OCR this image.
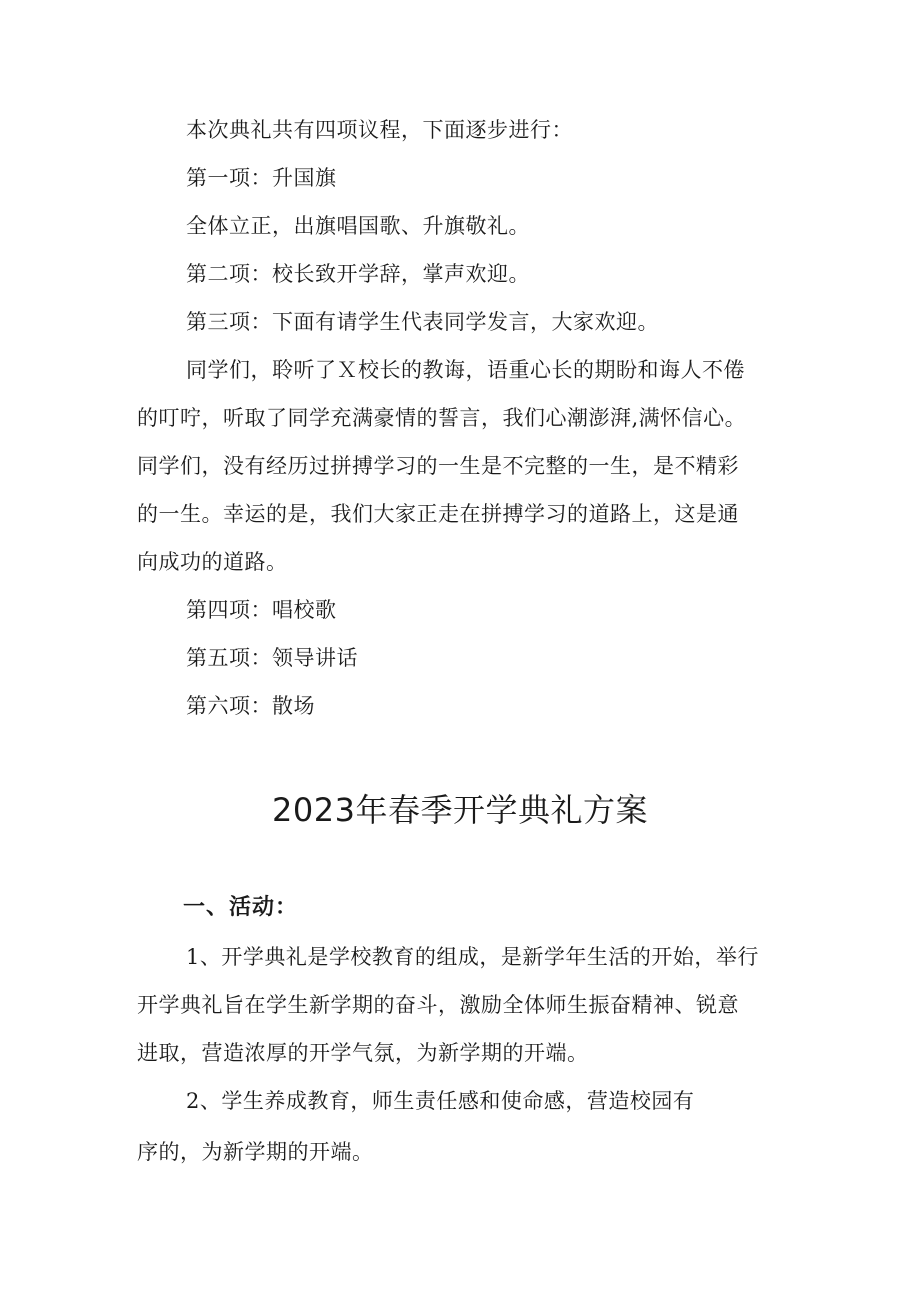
本次典礼共有四项议程，下面逐步进行：
第一项：升国旗
全体立正，出旗唱国歌、升旗敬礼。
第二项：校长致开学辞，掌声欢迎。
第三项：下面有请学生代表同学发言，大家欢迎。
同学们，聆听了Ｘ校长的教诲，语重心长的期盼和诲人不倦
的叮咛，听取了同学充满豪情的誓言，我们心潮澎湃,满怀信心。
同学们，没有经历过拼搏学习的一生是不完整的一生，是不精彩
的一生。幸运的是，我们大家正走在拼搏学习的道路上，这是通
向成功的道路。
第四项：唱校歌
第五项：领导讲话
第六项：散场
2023年春季开学典礼方案
一、活动：
1、开学典礼是学校教育的组成，是新学年生活的开始，举行
开学典礼旨在学生新学期的奋斗，激励全体师生振奋精神、锐意
进取，营造浓厚的开学气氛，为新学期的开端。
2、学生养成教育，师生责任感和使命感，营造校园有
序的，为新学期的开端。
